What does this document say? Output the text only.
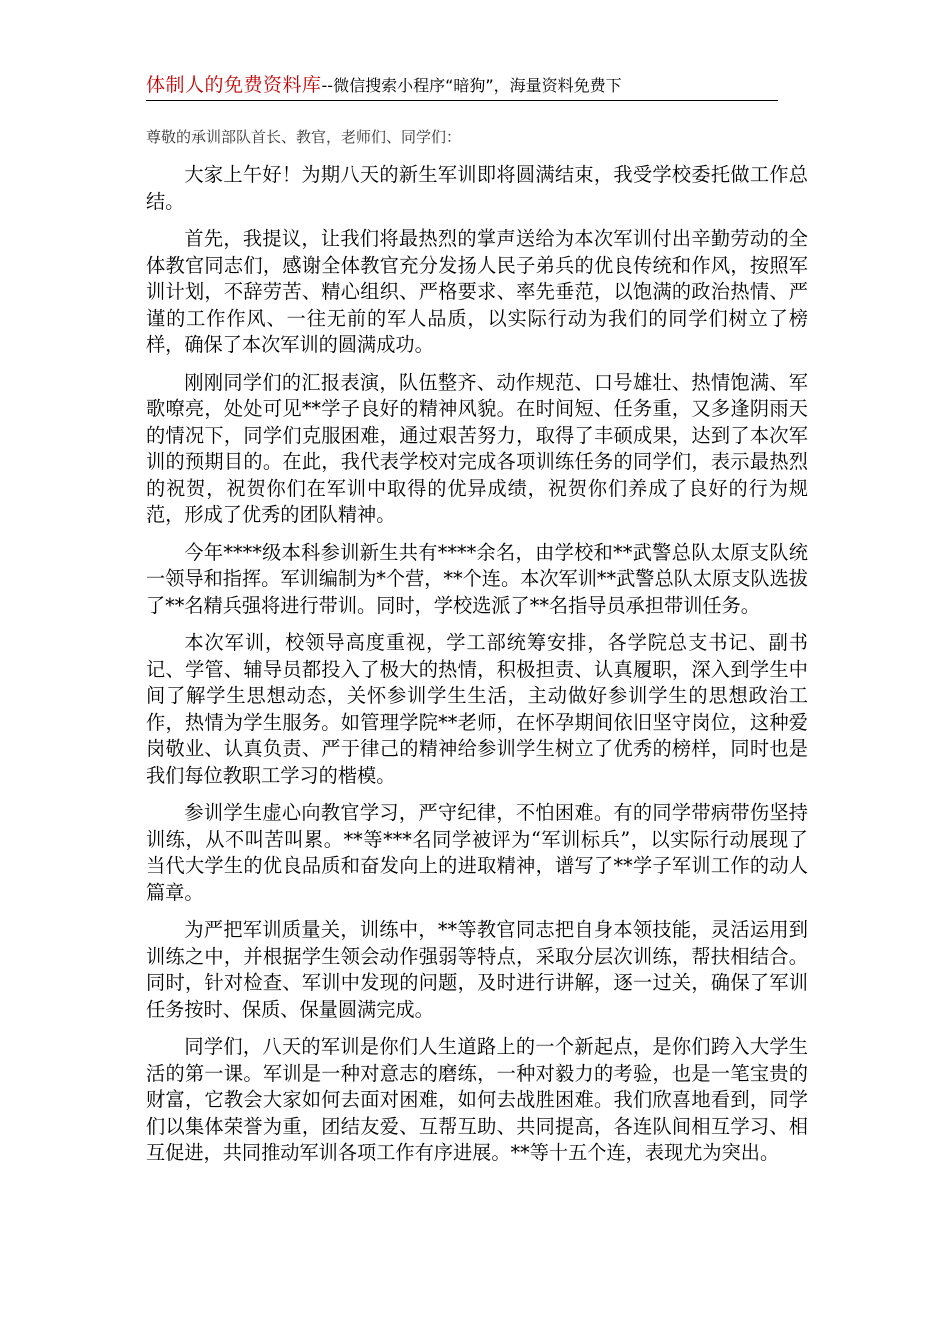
体制人的免费资料库--微信搜索小程序“暗狗”，海量资料免费下
尊敬的承训部队首长、教官，老师们、同学们：

大家上午好！为期八天的新生军训即将圆满结束，我受学校委托做工作总结。

首先，我提议，让我们将最热烈的掌声送给为本次军训付出辛勤劳动的全体教官同志们，感谢全体教官充分发扬人民子弟兵的优良传统和作风，按照军训计划，不辞劳苦、精心组织、严格要求、率先垂范，以饱满的政治热情、严谨的工作作风、一往无前的军人品质，以实际行动为我们的同学们树立了榜样，确保了本次军训的圆满成功。

刚刚同学们的汇报表演，队伍整齐、动作规范、口号雄壮、热情饱满、军歌嘹亮，处处可见**学子良好的精神风貌。在时间短、任务重，又多逢阴雨天的情况下，同学们克服困难，通过艰苦努力，取得了丰硕成果，达到了本次军训的预期目的。在此，我代表学校对完成各项训练任务的同学们，表示最热烈的祝贺，祝贺你们在军训中取得的优异成绩，祝贺你们养成了良好的行为规范，形成了优秀的团队精神。

今年****级本科参训新生共有****余名，由学校和**武警总队太原支队统一领导和指挥。军训编制为*个营，**个连。本次军训**武警总队太原支队选拔了**名精兵强将进行带训。同时，学校选派了**名指导员承担带训任务。

本次军训，校领导高度重视，学工部统筹安排，各学院总支书记、副书记、学管、辅导员都投入了极大的热情，积极担责、认真履职，深入到学生中间了解学生思想动态，关怀参训学生生活，主动做好参训学生的思想政治工作，热情为学生服务。如管理学院**老师，在怀孕期间依旧坚守岗位，这种爱岗敬业、认真负责、严于律己的精神给参训学生树立了优秀的榜样，同时也是我们每位教职工学习的楷模。

参训学生虚心向教官学习，严守纪律，不怕困难。有的同学带病带伤坚持训练，从不叫苦叫累。**等***名同学被评为“军训标兵”，以实际行动展现了当代大学生的优良品质和奋发向上的进取精神，谱写了**学子军训工作的动人篇章。

为严把军训质量关，训练中，**等教官同志把自身本领技能，灵活运用到训练之中，并根据学生领会动作强弱等特点，采取分层次训练，帮扶相结合。同时，针对检查、军训中发现的问题，及时进行讲解，逐一过关，确保了军训任务按时、保质、保量圆满完成。

同学们，八天的军训是你们人生道路上的一个新起点，是你们跨入大学生活的第一课。军训是一种对意志的磨练，一种对毅力的考验，也是一笔宝贵的财富，它教会大家如何去面对困难，如何去战胜困难。我们欣喜地看到，同学们以集体荣誉为重，团结友爱、互帮互助、共同提高，各连队间相互学习、相互促进，共同推动军训各项工作有序进展。**等十五个连，表现尤为突出。
